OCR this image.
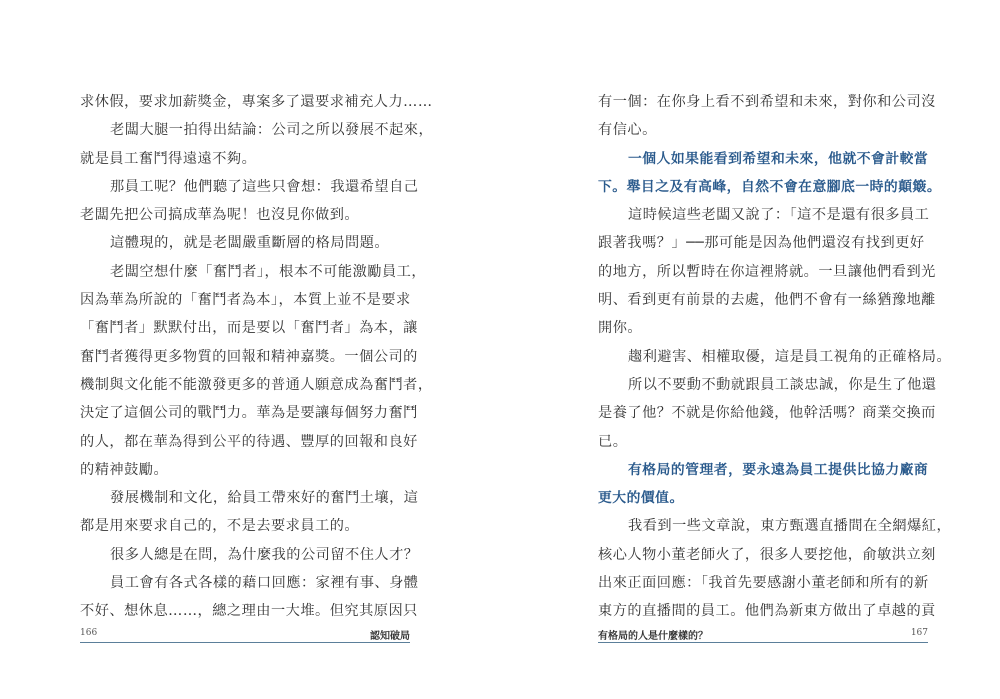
求休假，要求加薪獎金，專案多了還要求補充人力……
老闆大腿一拍得出結論：公司之所以發展不起來，
就是員工奮鬥得遠遠不夠。
那員工呢？他們聽了這些只會想：我還希望自己
老闆先把公司搞成華為呢！也沒見你做到。
這體現的，就是老闆嚴重斷層的格局問題。
老闆空想什麼「奮鬥者」，根本不可能激勵員工，
因為華為所說的「奮鬥者為本」，本質上並不是要求
「奮鬥者」默默付出，而是要以「奮鬥者」為本，讓
奮鬥者獲得更多物質的回報和精神嘉獎。一個公司的
機制與文化能不能激發更多的普通人願意成為奮鬥者，
決定了這個公司的戰鬥力。華為是要讓每個努力奮鬥
的人，都在華為得到公平的待遇、豐厚的回報和良好
的精神鼓勵。
發展機制和文化，給員工帶來好的奮鬥土壤，這
都是用來要求自己的，不是去要求員工的。
很多人總是在問，為什麼我的公司留不住人才？
員工會有各式各樣的藉口回應：家裡有事、身體
不好、想休息……，總之理由一大堆。但究其原因只
166	認知破局
有一個：在你身上看不到希望和未來，對你和公司沒
有信心。
一個人如果能看到希望和未來，他就不會計較當
下。舉目之及有高峰，自然不會在意腳底一時的顛簸。
這時候這些老闆又說了：「這不是還有很多員工
跟著我嗎？」──那可能是因為他們還沒有找到更好
的地方，所以暫時在你這裡將就。一旦讓他們看到光
明、看到更有前景的去處，他們不會有一絲猶豫地離
開你。
趨利避害、相權取優，這是員工視角的正確格局。
所以不要動不動就跟員工談忠誠，你是生了他還
是養了他？不就是你給他錢，他幹活嗎？商業交換而
已。
有格局的管理者，要永遠為員工提供比協力廠商
更大的價值。
我看到一些文章說，東方甄選直播間在全網爆紅，
核心人物小董老師火了，很多人要挖他，俞敏洪立刻
出來正面回應：「我首先要感謝小董老師和所有的新
東方的直播間的員工。他們為新東方做出了卓越的貢
有格局的人是什麼樣的？	167
